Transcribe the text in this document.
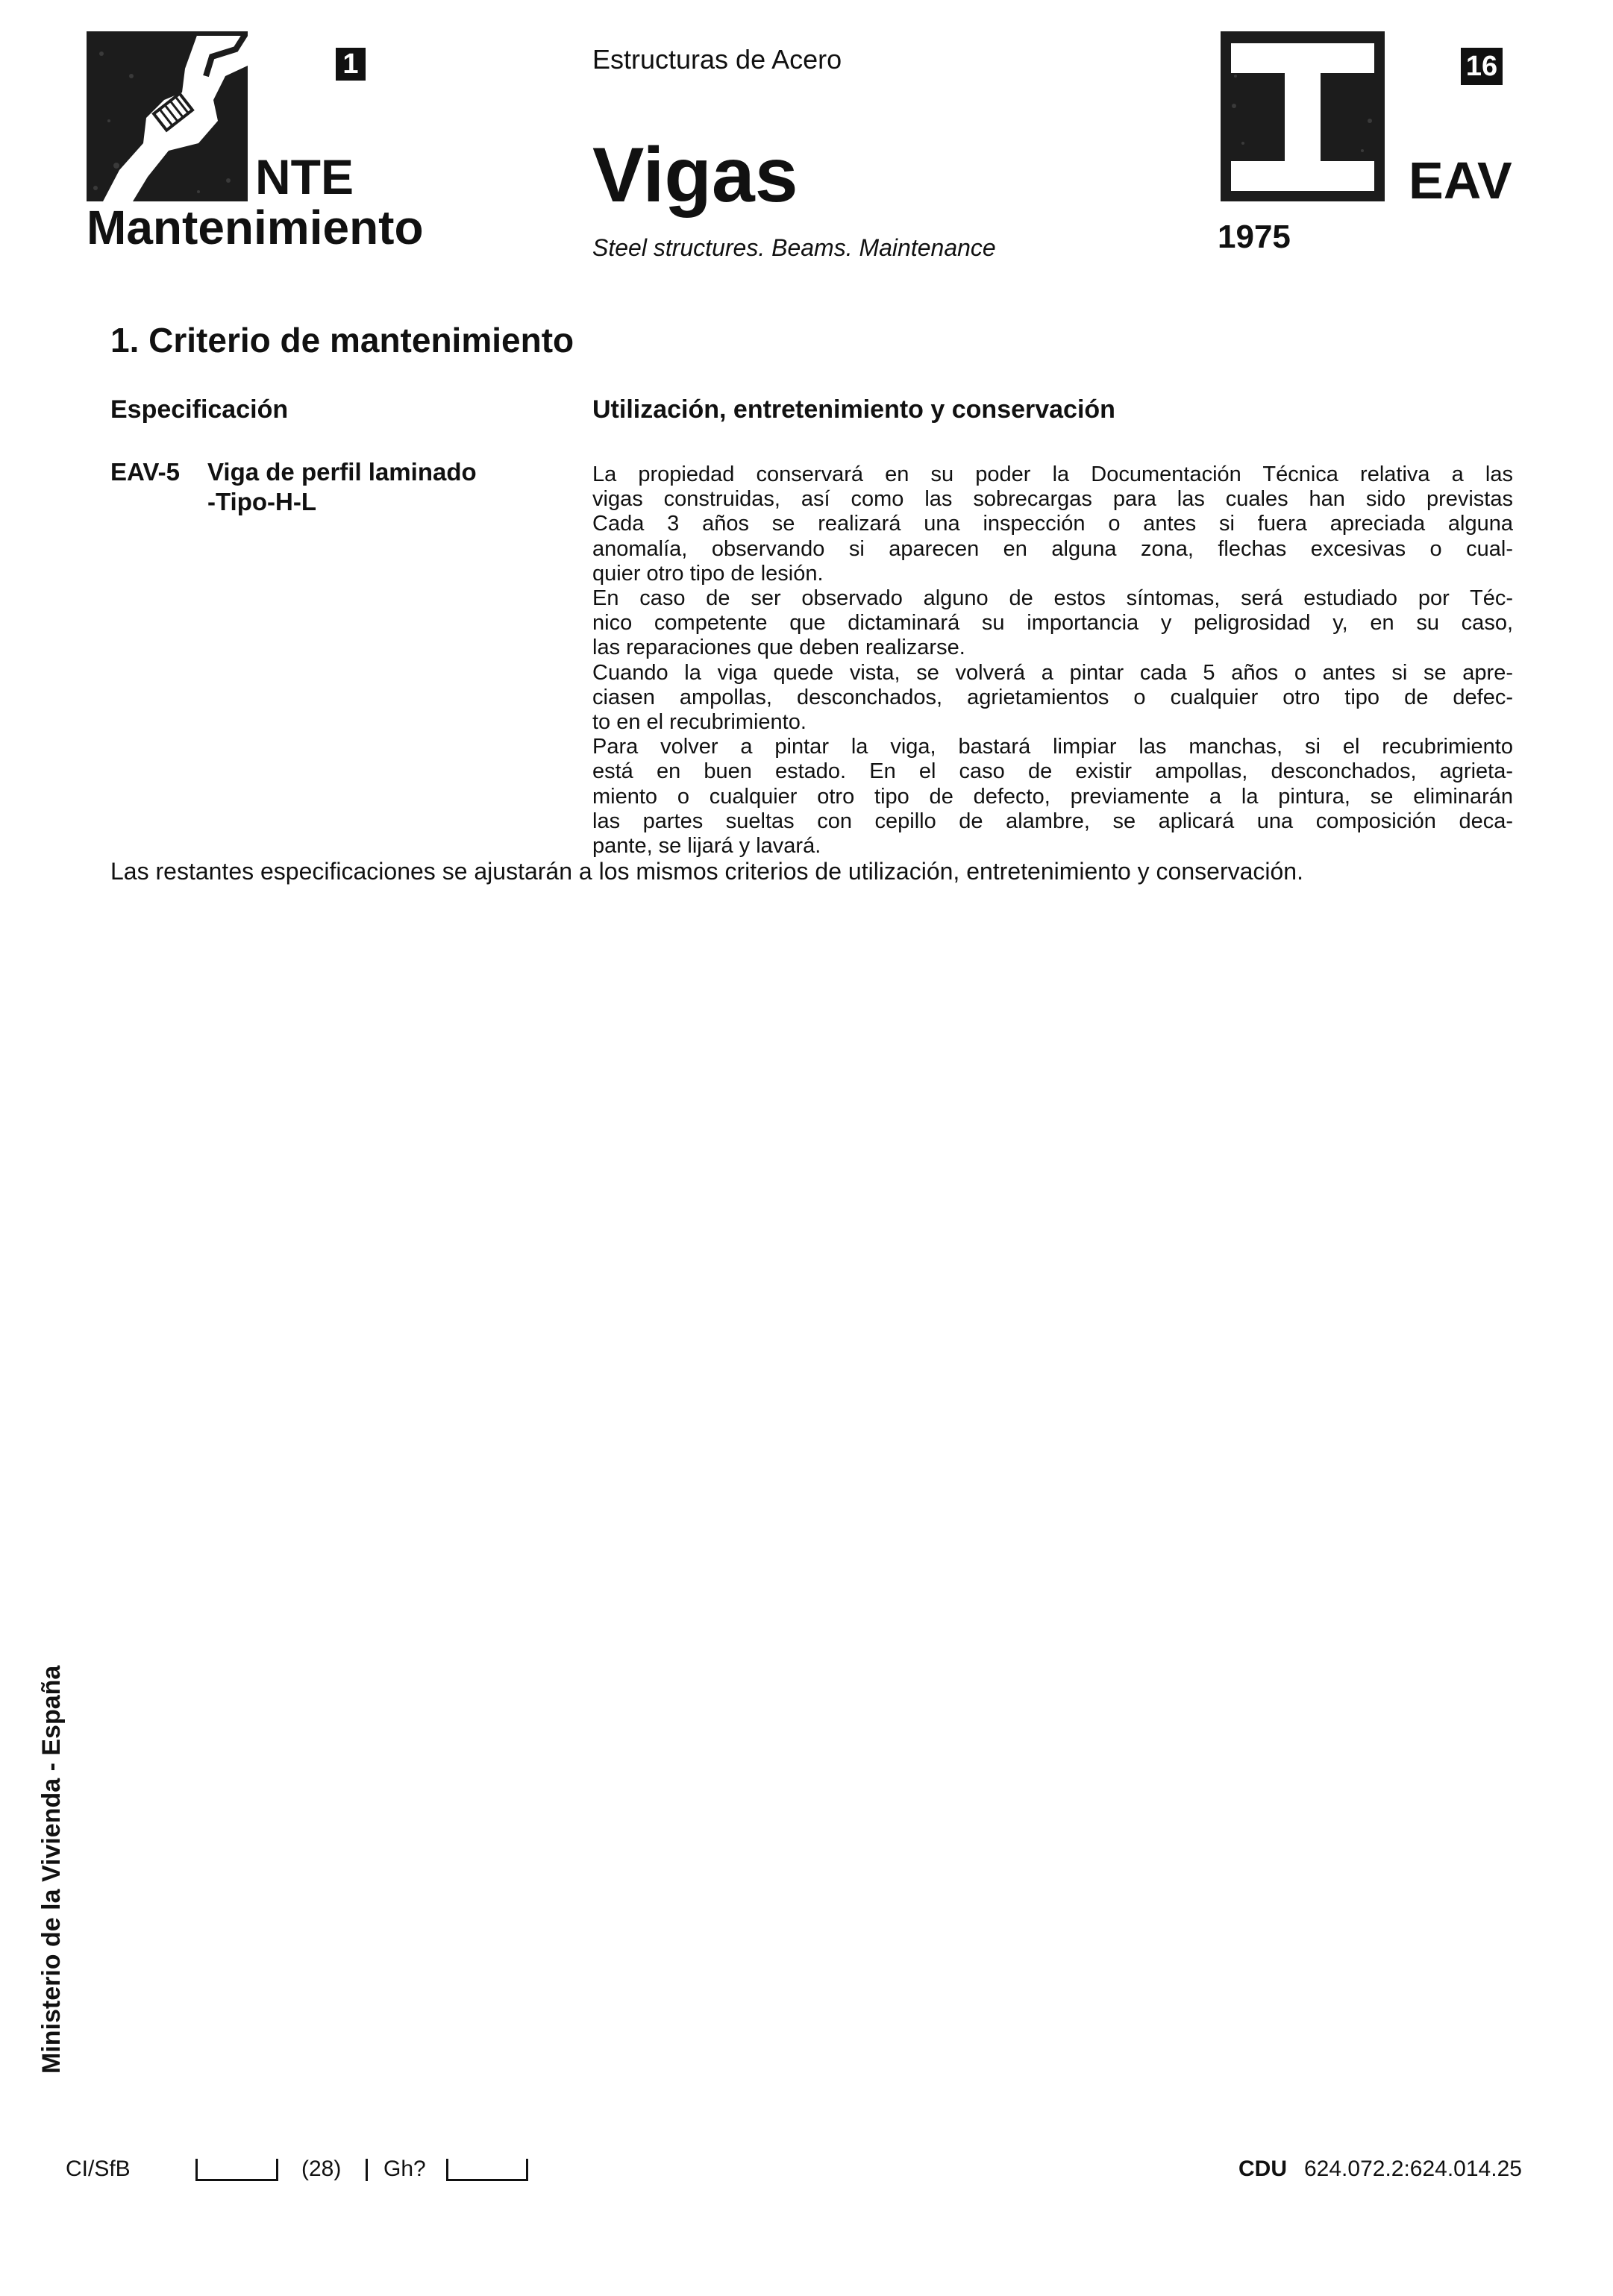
1
NTE
Mantenimiento
Estructuras de Acero
Vigas
Steel structures. Beams. Maintenance
16
EAV
1975
1. Criterio de mantenimiento
Especificación	Utilización, entretenimiento y conservación
EAV-5 Viga de perfil laminado
-Tipo-H-L
La propiedad conservará en su poder la Documentación Técnica relativa a las
vigas construidas, así como las sobrecargas para las cuales han sido previstas
Cada 3 años se realizará una inspección o antes si fuera apreciada alguna
anomalía, observando si aparecen en alguna zona, flechas excesivas o cual-
quier otro tipo de lesión.
En caso de ser observado alguno de estos síntomas, será estudiado por Téc-
nico competente que dictaminará su importancia y peligrosidad y, en su caso,
las reparaciones que deben realizarse.
Cuando la viga quede vista, se volverá a pintar cada 5 años o antes si se apre-
ciasen ampollas, desconchados, agrietamientos o cualquier otro tipo de defec-
to en el recubrimiento.
Para volver a pintar la viga, bastará limpiar las manchas, si el recubrimiento
está en buen estado. En el caso de existir ampollas, desconchados, agrieta-
miento o cualquier otro tipo de defecto, previamente a la pintura, se eliminarán
las partes sueltas con cepillo de alambre, se aplicará una composición deca-
pante, se lijará y lavará.
Las restantes especificaciones se ajustarán a los mismos criterios de utilización, entretenimiento y conservación.
Ministerio de la Vivienda - España
CI/SfB	(28) Gh?	CDU 624.072.2:624.014.25
